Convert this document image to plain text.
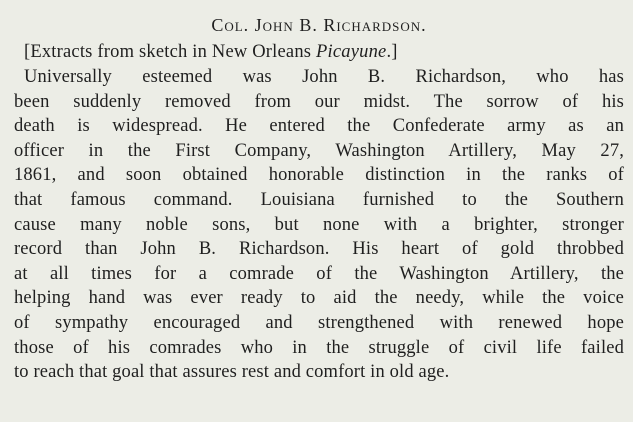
Col. John B. Richardson.

[Extracts from sketch in New Orleans Picayune.]

Universally esteemed was John B. Richardson, who has
been suddenly removed from our midst. The sorrow of his
death is widespread. He entered the Confederate army as an
officer in the First Company, Washington Artillery, May 27,
1861, and soon obtained honorable distinction in the ranks of
that famous command. Louisiana furnished to the Southern
cause many noble sons, but none with a brighter, stronger
record than John B. Richardson. His heart of gold throbbed
at all times for a comrade of the Washington Artillery, the
helping hand was ever ready to aid the needy, while the voice
of sympathy encouraged and strengthened with renewed hope
those of his comrades who in the struggle of civil life failed
to reach that goal that assures rest and comfort in old age.
